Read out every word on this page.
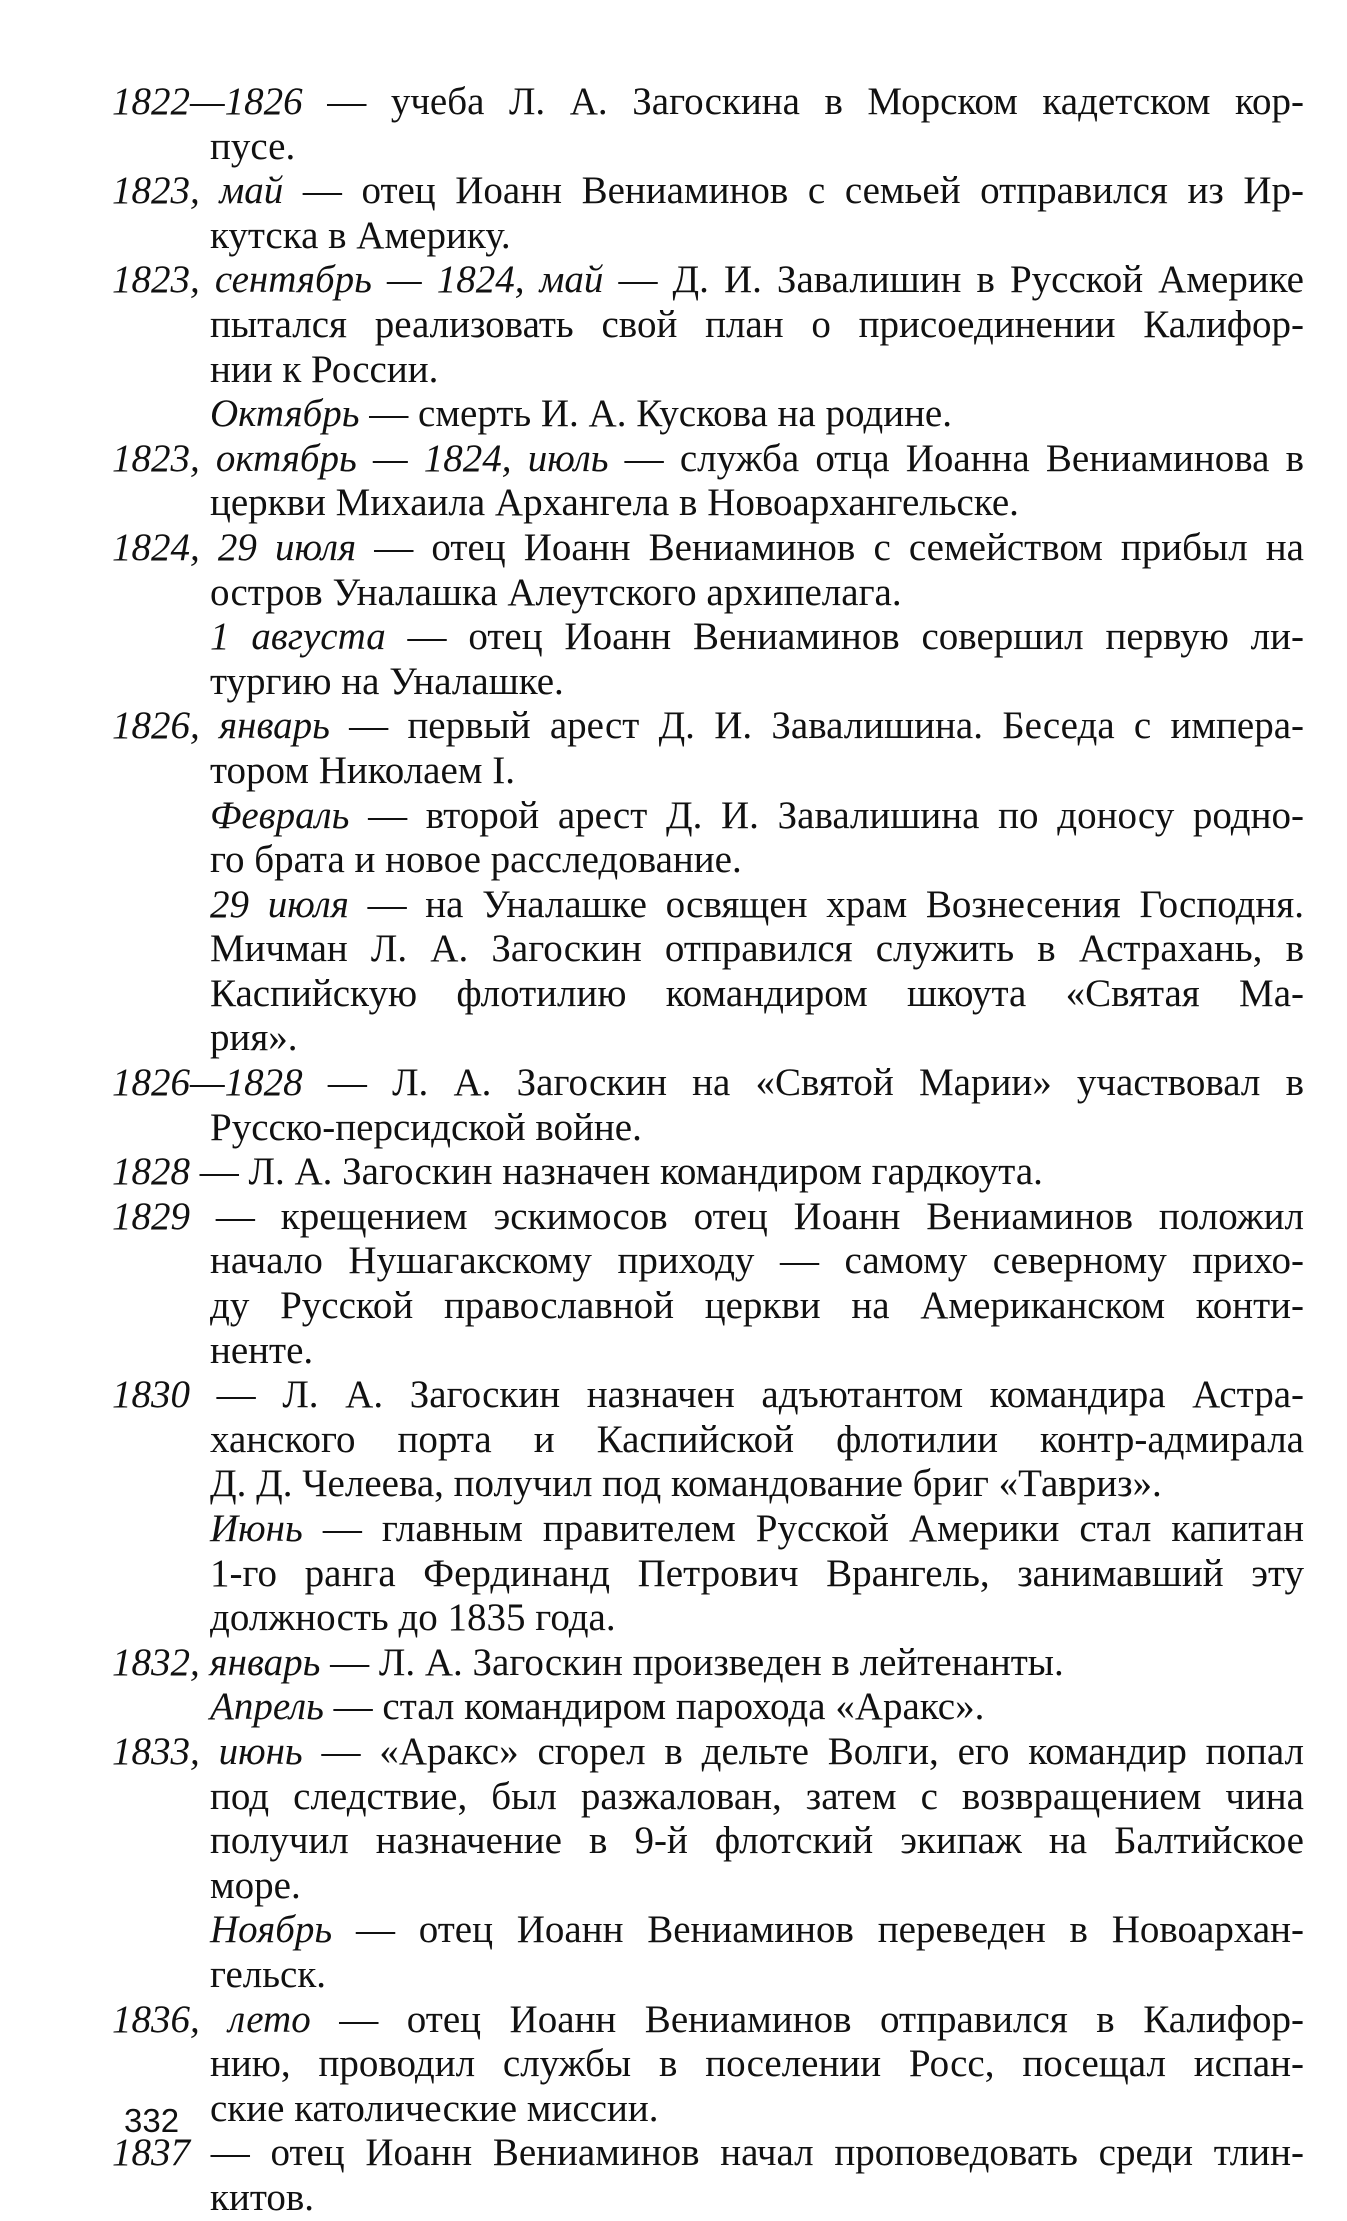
1822—1826 — учеба Л. А. Загоскина в Морском кадетском кор-
пусе.
1823, май — отец Иоанн Вениаминов с семьей отправился из Ир-
кутска в Америку.
1823, сентябрь — 1824, май — Д. И. Завалишин в Русской Америке
пытался реализовать свой план о присоединении Калифор-
нии к России.
Октябрь — смерть И. А. Кускова на родине.
1823, октябрь — 1824, июль — служба отца Иоанна Вениаминова в
церкви Михаила Архангела в Новоархангельске.
1824, 29 июля — отец Иоанн Вениаминов с семейством прибыл на
остров Уналашка Алеутского архипелага.
1 августа — отец Иоанн Вениаминов совершил первую ли-
тургию на Уналашке.
1826, январь — первый арест Д. И. Завалишина. Беседа с импера-
тором Николаем I.
Февраль — второй арест Д. И. Завалишина по доносу родно-
го брата и новое расследование.
29 июля — на Уналашке освящен храм Вознесения Господня.
Мичман Л. А. Загоскин отправился служить в Астрахань, в
Каспийскую флотилию командиром шкоута «Святая Ма-
рия».
1826—1828 — Л. А. Загоскин на «Святой Марии» участвовал в
Русско-персидской войне.
1828 — Л. А. Загоскин назначен командиром гардкоута.
1829 — крещением эскимосов отец Иоанн Вениаминов положил
начало Нушагакскому приходу — самому северному прихо-
ду Русской православной церкви на Американском конти-
ненте.
1830 — Л. А. Загоскин назначен адъютантом командира Астра-
ханского порта и Каспийской флотилии контр-адмирала
Д. Д. Челеева, получил под командование бриг «Тавриз».
Июнь — главным правителем Русской Америки стал капитан
1-го ранга Фердинанд Петрович Врангель, занимавший эту
должность до 1835 года.
1832, январь — Л. А. Загоскин произведен в лейтенанты.
Апрель — стал командиром парохода «Аракс».
1833, июнь — «Аракс» сгорел в дельте Волги, его командир попал
под следствие, был разжалован, затем с возвращением чина
получил назначение в 9-й флотский экипаж на Балтийское
море.
Ноябрь — отец Иоанн Вениаминов переведен в Новоархан-
гельск.
1836, лето — отец Иоанн Вениаминов отправился в Калифор-
нию, проводил службы в поселении Росс, посещал испан-
ские католические миссии.
1837 — отец Иоанн Вениаминов начал проповедовать среди тлин-
китов.
332
